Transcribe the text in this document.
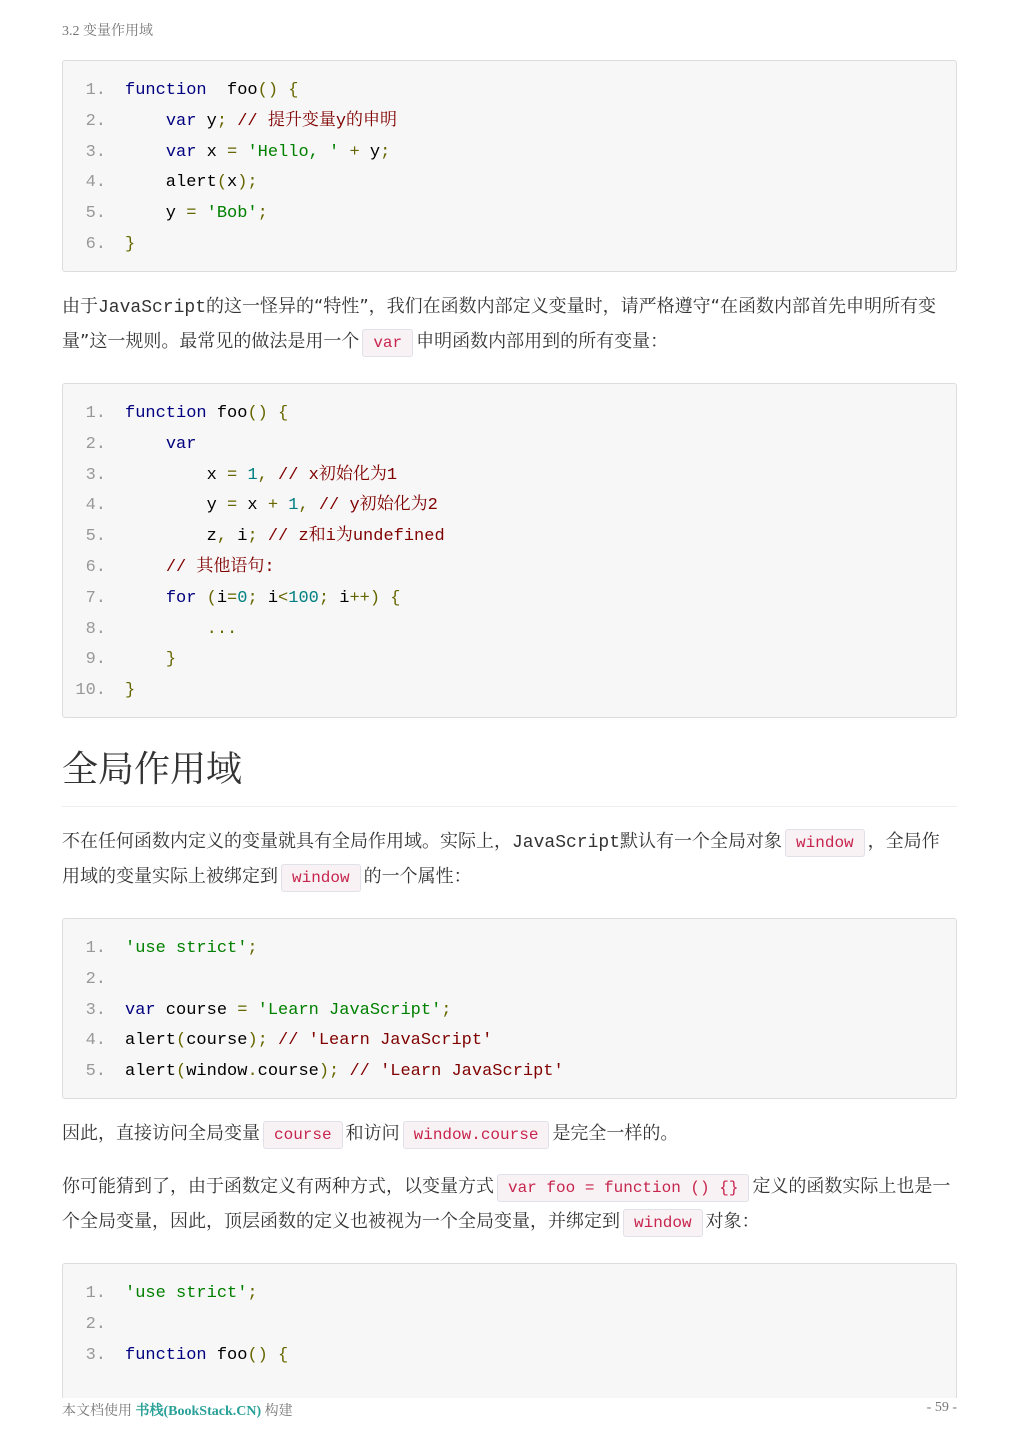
3.2 变量作用域
1.	function  foo() {
2.	var y; // 提升变量y的申明
3.	var x = 'Hello, ' + y;
4.	alert(x);
5.	y = 'Bob';
6.	}

由于JavaScript的这一怪异的“特性”，我们在函数内部定义变量时，请严格遵守“在函数内部首先申明所有变量”这一规则。最常见的做法是用一个 var 申明函数内部用到的所有变量：

1.	function foo() {
2.	var
3.	x = 1, // x初始化为1
4.	y = x + 1, // y初始化为2
5.	z, i; // z和i为undefined
6.	// 其他语句:
7.	for (i=0; i<100; i++) {
8.	...
9.	}
10.	}
全局作用域

不在任何函数内定义的变量就具有全局作用域。实际上，JavaScript默认有一个全局对象 window ，全局作用域的变量实际上被绑定到 window 的一个属性：

1.	'use strict';
2.
3.	var course = 'Learn JavaScript';
4.	alert(course); // 'Learn JavaScript'
5.	alert(window.course); // 'Learn JavaScript'

因此，直接访问全局变量 course 和访问 window.course 是完全一样的。

你可能猜到了，由于函数定义有两种方式，以变量方式 var foo = function () {} 定义的函数实际上也是一个全局变量，因此，顶层函数的定义也被视为一个全局变量，并绑定到 window 对象：

1.	'use strict';
2.
3.	function foo() {
本文档使用 书栈(BookStack.CN) 构建	- 59 -
